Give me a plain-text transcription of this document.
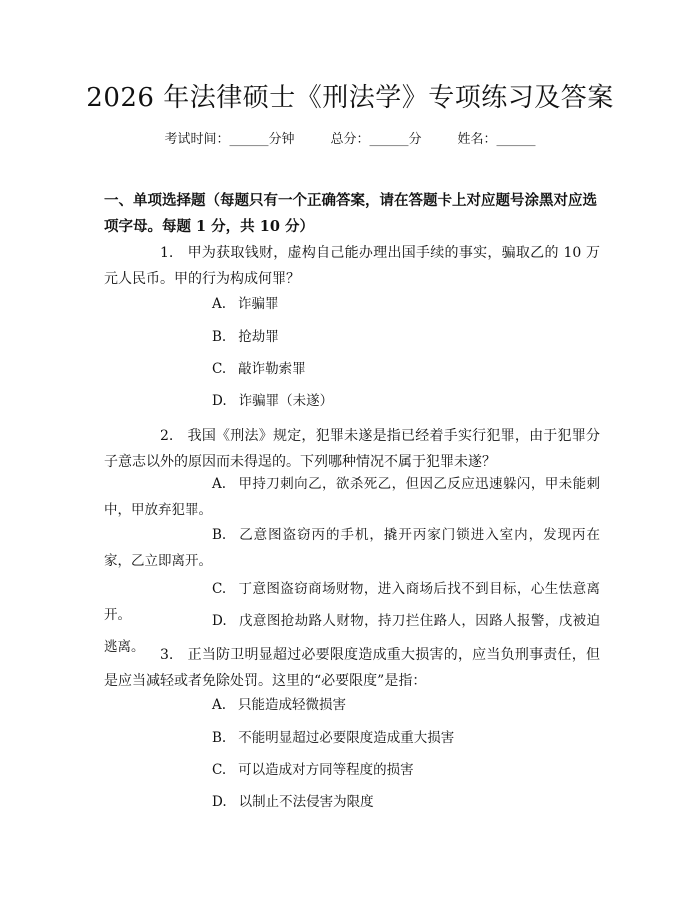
2026 年法律硕士《刑法学》专项练习及答案
考试时间：______分钟	总分：______分	姓名：______
一、单项选择题（每题只有一个正确答案，请在答题卡上对应题号涂黑对应选项字母。每题 1 分，共 10 分）
1. 甲为获取钱财，虚构自己能办理出国手续的事实，骗取乙的 10 万元人民币。甲的行为构成何罪？
A. 诈骗罪
B. 抢劫罪
C. 敲诈勒索罪
D. 诈骗罪（未遂）
2. 我国《刑法》规定，犯罪未遂是指已经着手实行犯罪，由于犯罪分子意志以外的原因而未得逞的。下列哪种情况不属于犯罪未遂？
A. 甲持刀刺向乙，欲杀死乙，但因乙反应迅速躲闪，甲未能刺中，甲放弃犯罪。
B. 乙意图盗窃丙的手机，撬开丙家门锁进入室内，发现丙在家，乙立即离开。
C. 丁意图盗窃商场财物，进入商场后找不到目标，心生怯意离开。	D. 戊意图抢劫路人财物，持刀拦住路人，因路人报警，戊被迫逃离。	3. 正当防卫明显超过必要限度造成重大损害的，应当负刑事责任，但是应当减轻或者免除处罚。这里的“必要限度”是指：
A. 只能造成轻微损害
B. 不能明显超过必要限度造成重大损害
C. 可以造成对方同等程度的损害
D. 以制止不法侵害为限度
